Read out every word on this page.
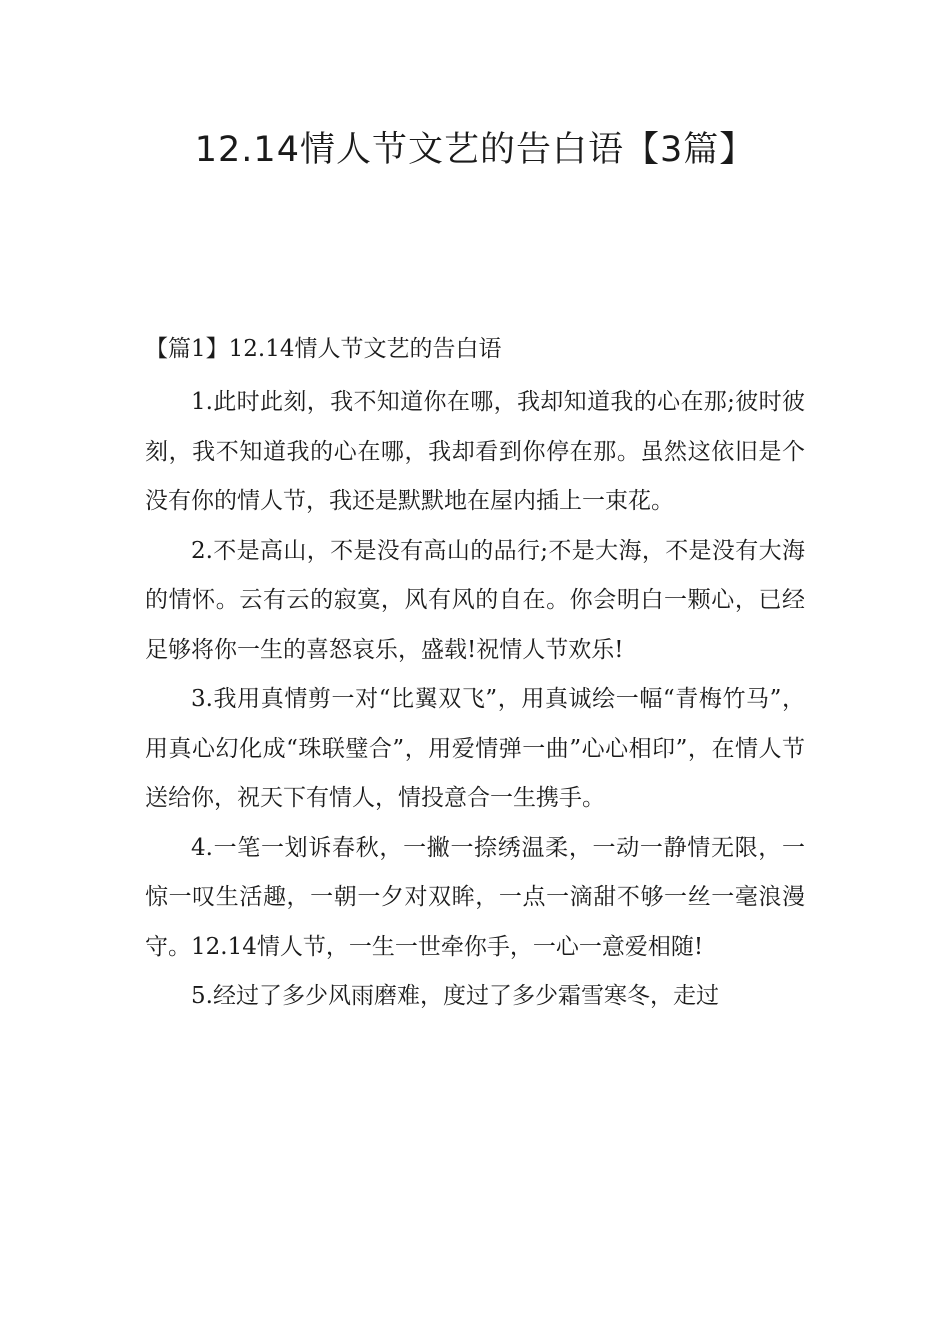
12.14情人节文艺的告白语【3篇】
【篇1】12.14情人节文艺的告白语

1.此时此刻，我不知道你在哪，我却知道我的心在那;彼时彼刻，我不知道我的心在哪，我却看到你停在那。虽然这依旧是个没有你的情人节，我还是默默地在屋内插上一束花。

2.不是高山，不是没有高山的品行;不是大海，不是没有大海的情怀。云有云的寂寞，风有风的自在。你会明白一颗心，已经足够将你一生的喜怒哀乐，盛载!祝情人节欢乐!

3.我用真情剪一对“比翼双飞”，用真诚绘一幅“青梅竹马”，用真心幻化成“珠联璧合”，用爱情弹一曲”心心相印”，在情人节送给你，祝天下有情人，情投意合一生携手。

4.一笔一划诉春秋，一撇一捺绣温柔，一动一静情无限，一惊一叹生活趣，一朝一夕对双眸，一点一滴甜不够一丝一毫浪漫守。12.14情人节，一生一世牵你手，一心一意爱相随!

5.经过了多少风雨磨难，度过了多少霜雪寒冬，走过
